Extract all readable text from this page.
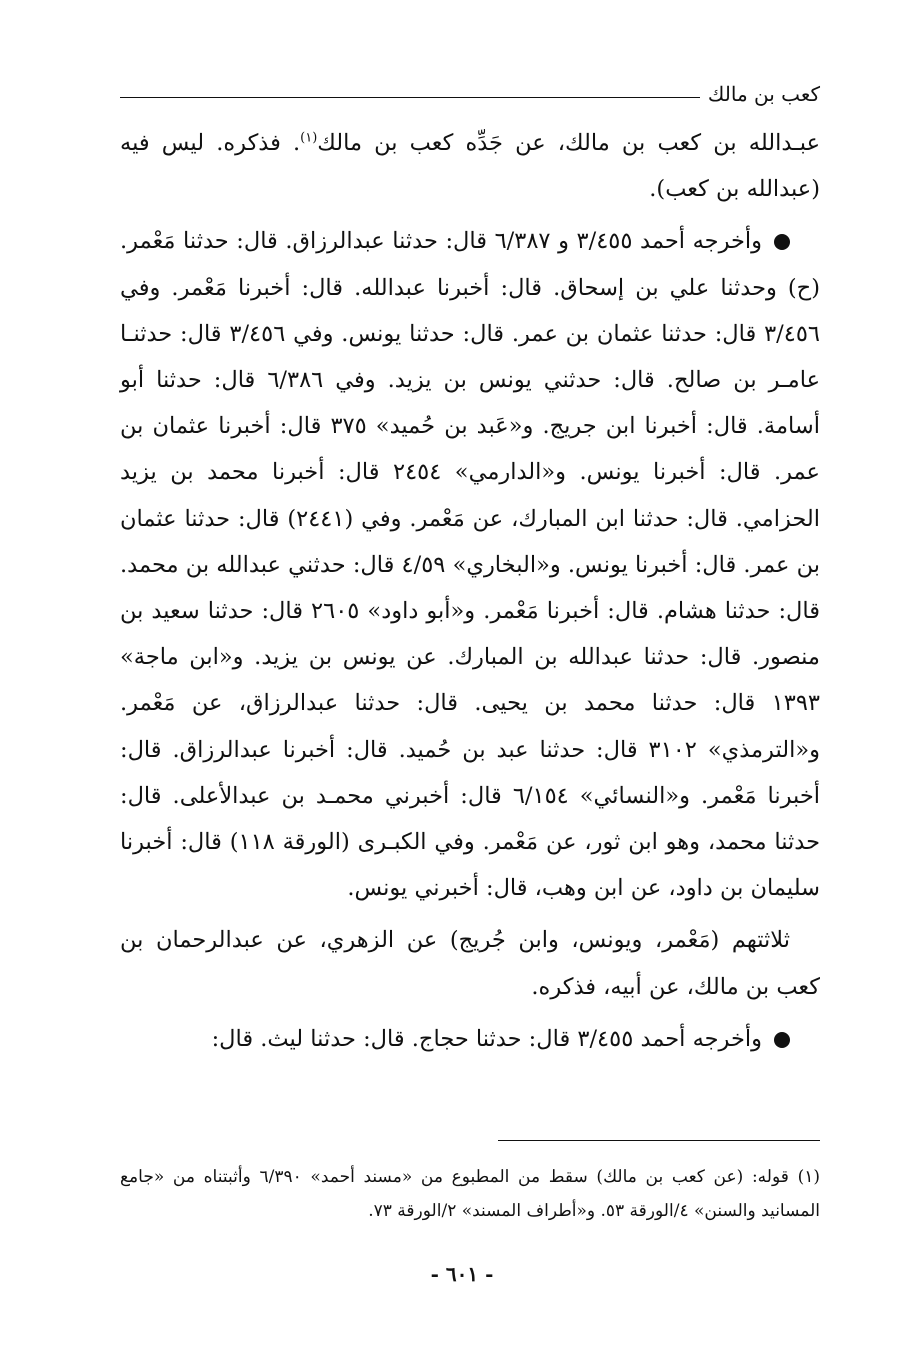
كعب بن مالك

عبـدالله بن كعب بن مالك، عن جَدِّه كعب بن مالك$^{(١)}$. فذكره. ليس فيه (عبدالله بن كعب).

وأخرجه أحمد ٣/٤٥٥ و ٦/٣٨٧ قال: حدثنا عبدالرزاق. قال: حدثنا مَعْمر. (ح) وحدثنا علي بن إسحاق. قال: أخبرنا عبدالله. قال: أخبرنا مَعْمر. وفي ٣/٤٥٦ قال: حدثنا عثمان بن عمر. قال: حدثنا يونس. وفي ٣/٤٥٦ قال: حدثنـا عامـر بن صالح. قال: حدثني يونس بن يزيد. وفي ٦/٣٨٦ قال: حدثنا أبو أسامة. قال: أخبرنا ابن جريج. و«عَبد بن حُميد» ٣٧٥ قال: أخبرنا عثمان بن عمر. قال: أخبرنا يونس. و«الدارمي» ٢٤٥٤ قال: أخبرنا محمد بن يزيد الحزامي. قال: حدثنا ابن المبارك، عن مَعْمر. وفي (٢٤٤١) قال: حدثنا عثمان بن عمر. قال: أخبرنا يونس. و«البخاري» ٤/٥٩ قال: حدثني عبدالله بن محمد. قال: حدثنا هشام. قال: أخبرنا مَعْمر. و«أبو داود» ٢٦٠٥ قال: حدثنا سعيد بن منصور. قال: حدثنا عبدالله بن المبارك. عن يونس بن يزيد. و«ابن ماجة» ١٣٩٣ قال: حدثنا محمد بن يحيى. قال: حدثنا عبدالرزاق، عن مَعْمر. و«الترمذي» ٣١٠٢ قال: حدثنا عبد بن حُميد. قال: أخبرنا عبدالرزاق. قال: أخبرنا مَعْمر. و«النسائي» ٦/١٥٤ قال: أخبرني محمـد بن عبدالأعلى. قال: حدثنا محمد، وهو ابن ثور، عن مَعْمر. وفي الكبـرى (الورقة ١١٨) قال: أخبرنا سليمان بن داود، عن ابن وهب، قال: أخبرني يونس.

ثلاثتهم (مَعْمر، ويونس، وابن جُريج) عن الزهري، عن عبدالرحمان بن كعب بن مالك، عن أبيه، فذكره.

وأخرجه أحمد ٣/٤٥٥ قال: حدثنا حجاج. قال: حدثنا ليث. قال:

(١) قوله: (عن كعب بن مالك) سقط من المطبوع من «مسند أحمد» ٦/٣٩٠ وأثبتناه من «جامع المسانيد والسنن» ٤/الورقة ٥٣. و«أطراف المسند» ٢/الورقة ٧٣.

- ٦٠١ -
